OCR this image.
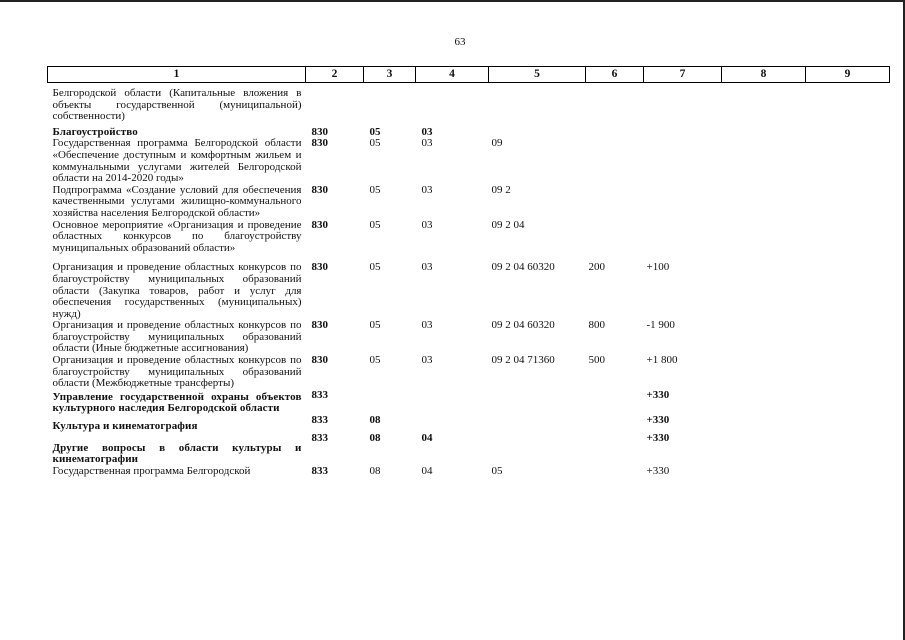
63
1	2	3	4	5	6	7	8	9
Белгородской области (Капитальные вложения в объекты государственной (муниципальной) собственности)								
Благоустройство	830	05	03					
Государственная программа Белгородской области «Обеспечение доступным и комфортным жильем и коммунальными услугами жителей Белгородской области на 2014-2020 годы»	830	05	03	09				
Подпрограмма «Создание условий для обеспечения качественными услугами жилищно-коммунального хозяйства населения Белгородской области»	830	05	03	09 2				
Основное мероприятие «Организация и проведение областных конкурсов по благоустройству муниципальных образований области»	830	05	03	09 2 04				
Организация и проведение областных конкурсов по благоустройству муниципальных образований области (Закупка товаров, работ и услуг для обеспечения государственных (муниципальных) нужд)	830	05	03	09 2 04 60320	200	+100		
Организация и проведение областных конкурсов по благоустройству муниципальных образований области (Иные бюджетные ассигнования)	830	05	03	09 2 04 60320	800	-1 900		
Организация и проведение областных конкурсов по благоустройству муниципальных образований области (Межбюджетные трансферты)	830	05	03	09 2 04 71360	500	+1 800		
Управление государственной охраны объектов культурного наследия Белгородской области	833					+330		
Культура и кинематография	833	08				+330		
Другие вопросы в области культуры и кинематографии	833	08	04			+330		
Государственная программа Белгородской	833	08	04	05		+330		
